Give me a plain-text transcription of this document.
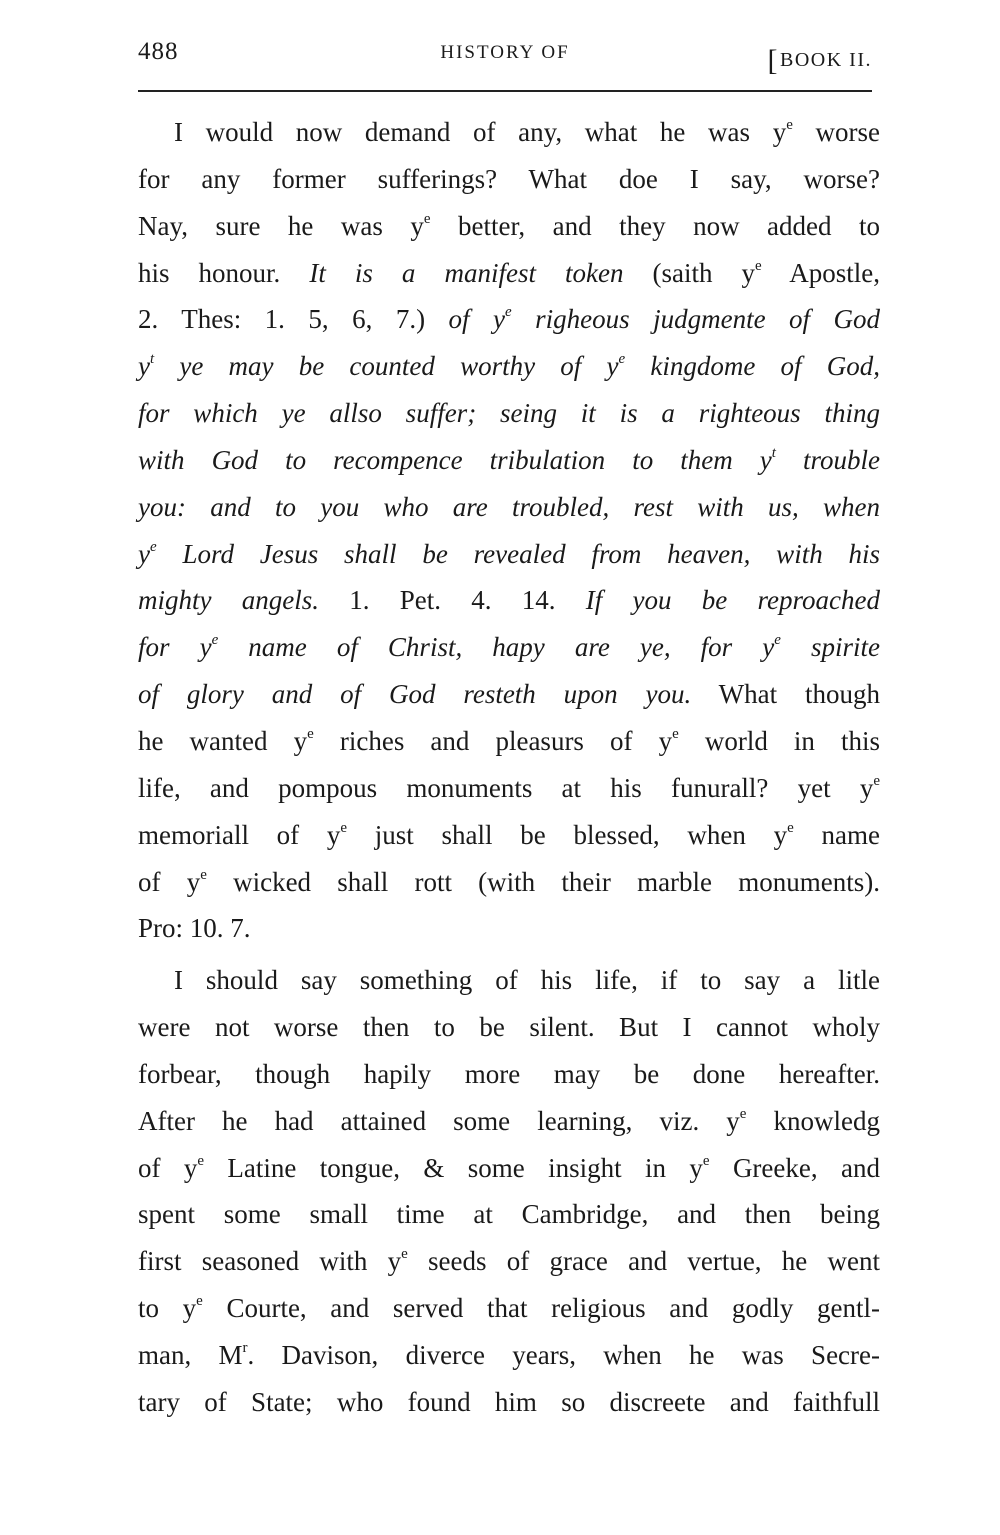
488	HISTORY OF	[BOOK II.
I would now demand of any, what he was $y^e$ worse
for any former sufferings? What doe I say, worse?
Nay, sure he was $y^e$ better, and they now added to
his honour. It is a manifest token (saith $y^e$ Apostle,
2. Thes: 1. 5, 6, 7.) of $y^e$ righeous judgmente of God
$y^t$ ye may be counted worthy of $y^e$ kingdome of God,
for which ye allso suffer; seing it is a righteous thing
with God to recompence tribulation to them $y^t$ trouble
you: and to you who are troubled, rest with us, when
$y^e$ Lord Jesus shall be revealed from heaven, with his
mighty angels. 1. Pet. 4. 14. If you be reproached
for $y^e$ name of Christ, hapy are ye, for $y^e$ spirite
of glory and of God resteth upon you. What though
he wanted $y^e$ riches and pleasurs of $y^e$ world in this
life, and pompous monuments at his funurall? yet $y^e$
memoriall of $y^e$ just shall be blessed, when $y^e$ name
of $y^e$ wicked shall rott (with their marble monuments).
Pro: 10. 7.
I should say something of his life, if to say a litle
were not worse then to be silent. But I cannot wholy
forbear, though hapily more may be done hereafter.
After he had attained some learning, viz. $y^e$ knowledg
of $y^e$ Latine tongue, & some insight in $y^e$ Greeke, and
spent some small time at Cambridge, and then being
first seasoned with $y^e$ seeds of grace and vertue, he went
to $y^e$ Courte, and served that religious and godly gentl-
man, $M^r$. Davison, diverce years, when he was Secre-
tary of State; who found him so discreete and faithfull
